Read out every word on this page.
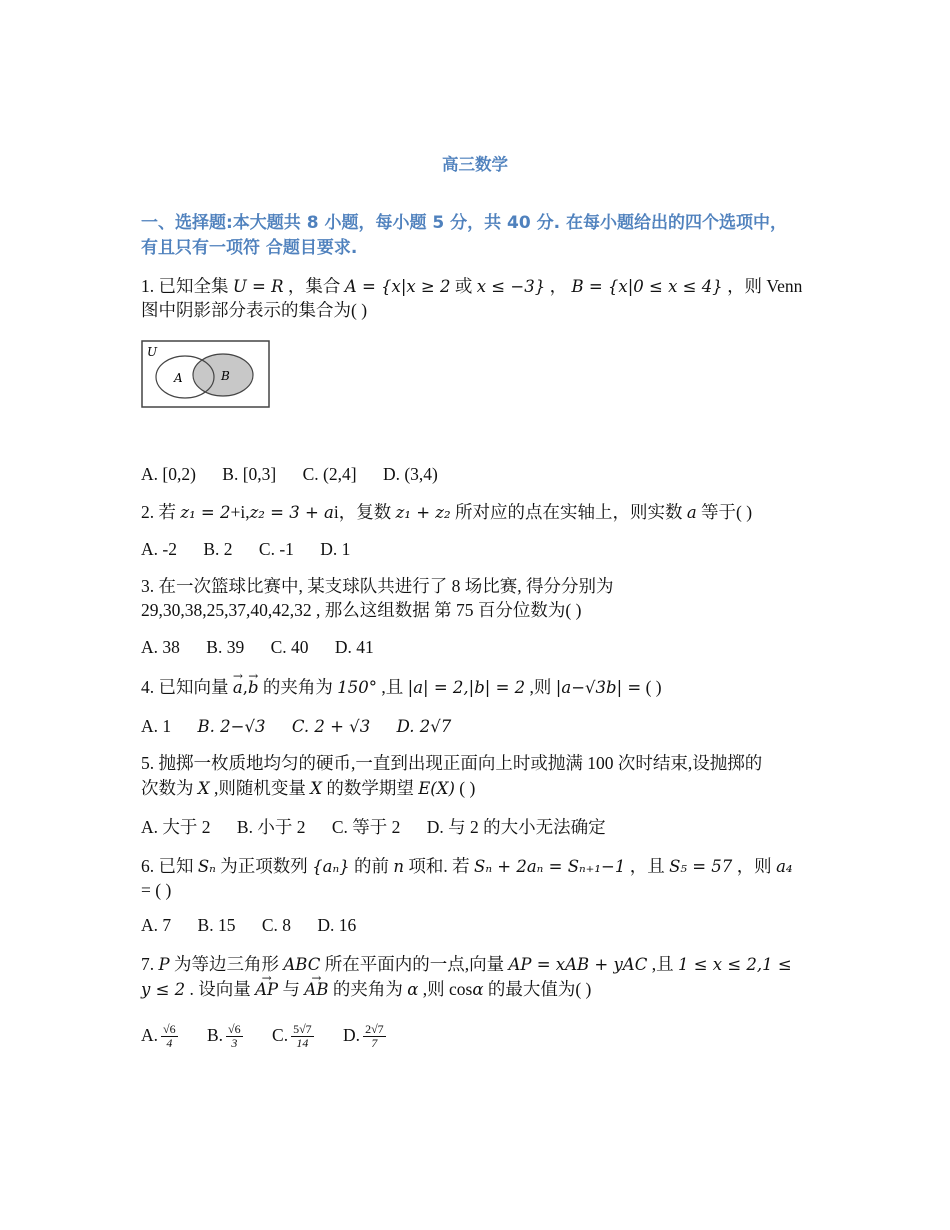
高三数学
一、选择题:本大题共 8 小题，每小题 5 分，共 40 分. 在每小题给出的四个选项中，
有且只有一项符 合题目要求.
1. 已知全集 U = R ，集合 A = {x|x ≥ 2 或 x ≤ −3} ， B = {x|0 ≤ x ≤ 4} ，则 Venn
图中阴影部分表示的集合为( )
U
A	B
A. [0,2) B. [0,3] C. (2,4] D. (3,4)
2. 若 z₁ = 2+i,z₂ = 3 + ai，复数 z₁ + z₂ 所对应的点在实轴上，则实数 a 等于( )
A. -2 B. 2 C. -1 D. 1
3. 在一次篮球比赛中, 某支球队共进行了 8 场比赛, 得分分别为
29,30,38,25,37,40,42,32 , 那么这组数据 第 75 百分位数为( )
A. 38 B. 39 C. 40 D. 41
4. 已知向量 → a,→ b 的夹角为 150° ,且 |a| = 2,|b| = 2 ,则 |a−√3b| = ( )
A. 1 B. 2−√3 C. 2 + √3 D. 2√7
5. 抛掷一枚质地均匀的硬币,一直到出现正面向上时或抛满 100 次时结束,设抛掷的
次数为 X ,则随机变量 X 的数学期望 E(X) ( )
A. 大于 2 B. 小于 2 C. 等于 2 D. 与 2 的大小无法确定
6. 已知 Sₙ 为正项数列 {aₙ} 的前 n 项和. 若 Sₙ + 2aₙ = Sₙ₊₁−1 ，且 S₅ = 57 ，则 a₄
= ( )
A. 7 B. 15 C. 8 D. 16
7. P 为等边三角形 ABC 所在平面内的一点,向量 AP = xAB + yAC ,且 1 ≤ x ≤ 2,1 ≤
y ≤ 2 . 设向量 → AP 与 → AB 的夹角为 α ,则 cosα 的最大值为( )
A. $\frac{√6}{4} B$. $\frac{√6}{3} C$. $\frac{5√7}{14} D$. $\frac{2√7}{7}$
